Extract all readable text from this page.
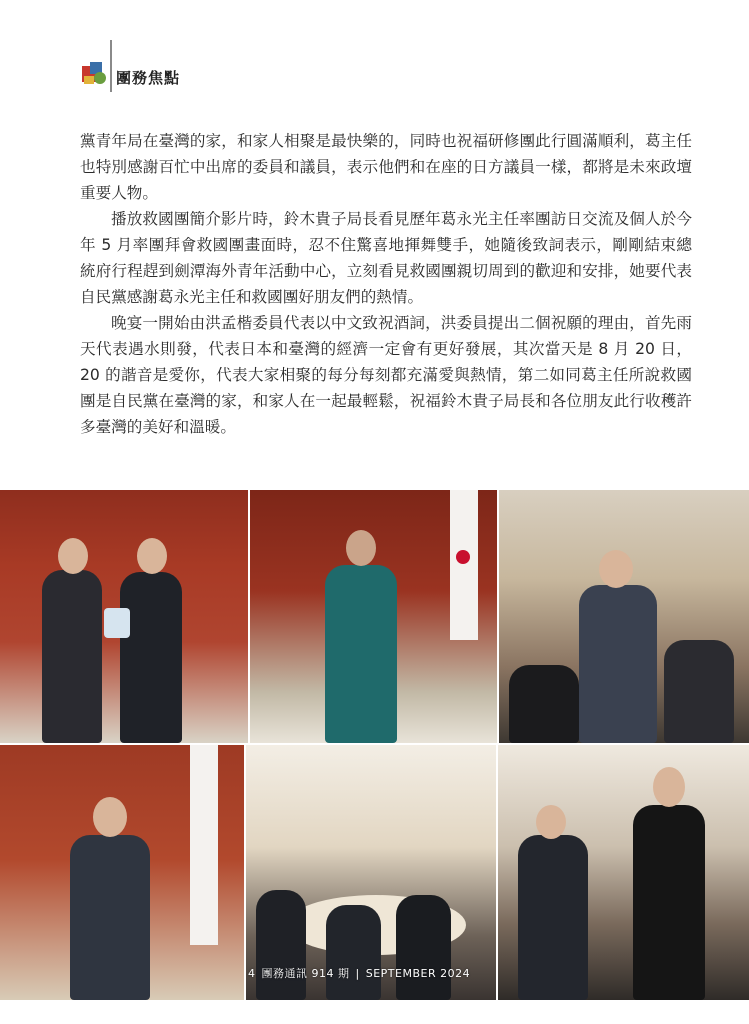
團務焦點

黨青年局在臺灣的家，和家人相聚是最快樂的，同時也祝福研修團此行圓滿順利，葛主任也特別感謝百忙中出席的委員和議員，表示他們和在座的日方議員一樣，都將是未來政壇重要人物。

播放救國團簡介影片時，鈴木貴子局長看見歷年葛永光主任率團訪日交流及個人於今年 5 月率團拜會救國團畫面時，忍不住驚喜地揮舞雙手，她隨後致詞表示，剛剛結束總統府行程趕到劍潭海外青年活動中心，立刻看見救國團親切周到的歡迎和安排，她要代表自民黨感謝葛永光主任和救國團好朋友們的熱情。

晚宴一開始由洪孟楷委員代表以中文致祝酒詞，洪委員提出二個祝願的理由，首先雨天代表遇水則發，代表日本和臺灣的經濟一定會有更好發展，其次當天是 8 月 20 日，20 的諧音是愛你，代表大家相聚的每分每刻都充滿愛與熱情，第二如同葛主任所說救國團是自民黨在臺灣的家，和家人在一起最輕鬆，祝福鈴木貴子局長和各位朋友此行收穫許多臺灣的美好和溫暖。

4 團務通訊 914 期 | SEPTEMBER 2024
